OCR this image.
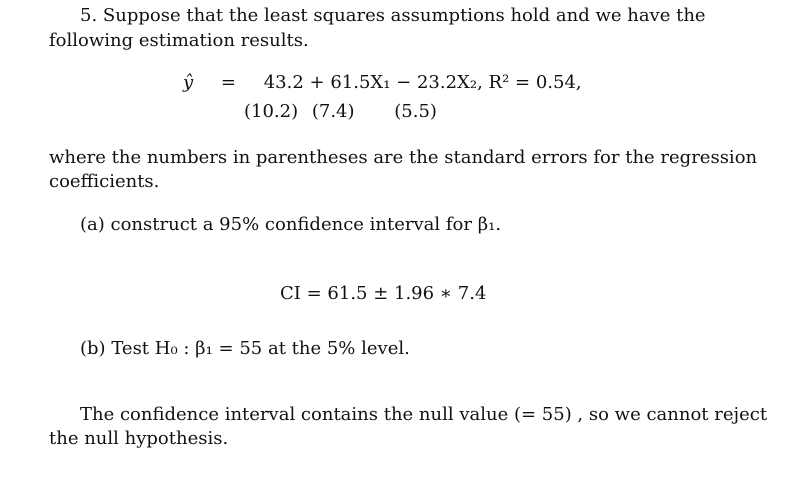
5. Suppose that the least squares assumptions hold and we have the
following estimation results.
ŷ = 43.2 + 61.5X₁ − 23.2X₂, R² = 0.54,
(10.2) (7.4) (5.5)
where the numbers in parentheses are the standard errors for the regression
coefficients.
(a) construct a 95% confidence interval for β₁.
CI = 61.5 ± 1.96 ∗ 7.4
(b) Test H₀ : β₁ = 55 at the 5% level.
The confidence interval contains the null value (= 55) , so we cannot reject
the null hypothesis.
